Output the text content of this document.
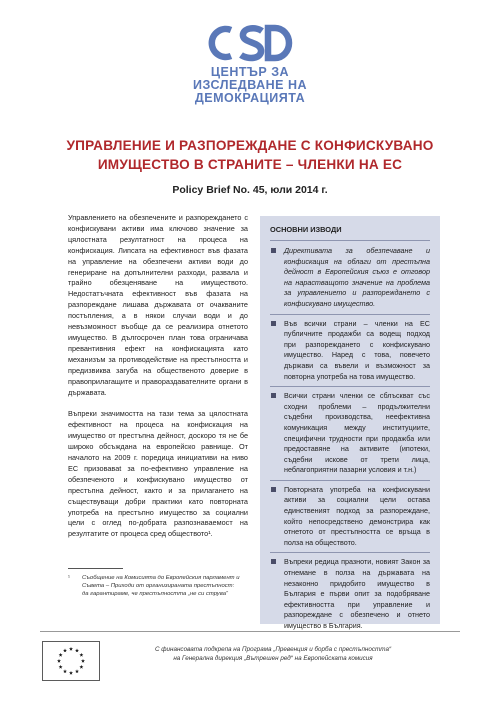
ЦЕНТЪР ЗА
ИЗСЛЕДВАНЕ НА
ДЕМОКРАЦИЯТА
УПРАВЛЕНИЕ И РАЗПОРЕЖДАНЕ С КОНФИСКУВАНО
ИМУЩЕСТВО В СТРАНИТЕ – ЧЛЕНКИ НА ЕС
Policy Brief No. 45, юли 2014 г.

Управлението на обезпечените и разпореждането с конфискувани активи има ключово значение за цялостната резултатност на процеса на конфискация. Липсата на ефективност във фазата на управление на обезпечени активи води до генериране на допълнителни разходи, развала и трайно обезценяване на имуществото. Недостатъчната ефективност във фазата на разпореждане лишава държавата от очакваните постъпления, а в някои случаи води и до невъзможност въобще да се реализира отнетото имущество. В дългосрочен план това ограничава превантивния ефект на конфискацията като механизъм за противодействие на престъпността и предизвиква загуба на общественото доверие в правоприлагащите и правораздавателните органи в държавата.

Въпреки значимостта на тази тема за цялостната ефективност на процеса на конфискация на имущество от престъпна дейност, доскоро тя не бе широко обсъждана на европейско равнище. От началото на 2009 г. поредица инициативи на ниво ЕС призоваваt за по-ефективно управление на обезпеченото и конфискувано имущество от престъпна дейност, както и за прилагането на съществуващи добри практики като повторната употреба на престъпно имущество за социални цели с оглед по-добрата разпознаваемост на резултатите от процеса сред обществото¹.

¹ Съобщение на Комисията до Европейския парламент и Съвета – Приходи от организираната престъпност: да гарантираме, че престъпността „не си струва“
ОСНОВНИ ИЗВОДИ
Директивата за обезпечаване и конфискация на облаги от престъпна дейност в Европейския съюз е отговор на нарастващото значение на проблема за управлението и разпореждането с конфискувано имущество.
Във всички страни – членки на ЕС публичните продажби са водещ подход при разпореждането с конфискувано имущество. Наред с това, повечето държави са въвели и възможност за повторна употреба на това имущество.
Всички страни членки се сблъскват със сходни проблеми – продължителни съдебни производства, неефективна комуникация между институциите, специфични трудности при продажба или предоставяне на активите (ипотеки, съдебни искове от трети лица, неблагоприятни пазарни условия и т.н.)
Повторната употреба на конфискувани активи за социални цели остава единственият подход за разпореждане, който непосредствено демонстрира как отнетото от престъпността се връща в полза на обществото.
Въпреки редица празноти, новият Закон за отнемане в полза на държавата на незаконно придобито имущество в България е първи опит за подобряване ефективността при управление и разпореждане с обезпечено и отнето имущество в България.
С финансовата подкрепа на Програма „Превенция и борба с престъпността“
на Генерална дирекция „Вътрешен ред“ на Европейската комисия
